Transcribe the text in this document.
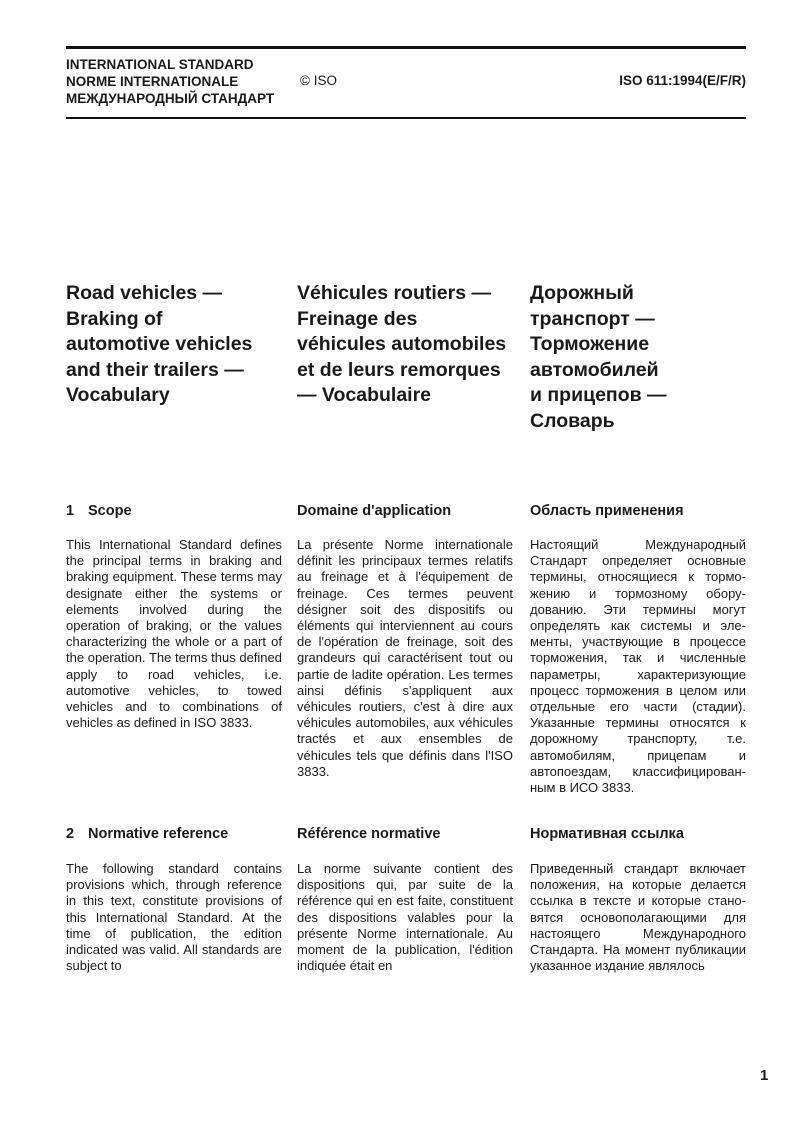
INTERNATIONAL STANDARD
NORME INTERNATIONALE
МЕЖДУНАРОДНЫЙ СТАНДАРТ
© ISO	ISO 611:1994(E/F/R)
Road vehicles —
Braking of
automotive vehicles
and their trailers —
Vocabulary
Véhicules routiers —
Freinage des
véhicules automobiles
et de leurs remorques
— Vocabulaire
Дорожный
транспорт —
Торможение
автомобилей
и прицепов —
Словарь
1 Scope	Domaine d'application	Область применения
This International Standard defines the principal terms in braking and braking equipment. These terms may designate either the systems or elements involved during the operation of braking, or the values characterizing the whole or a part of the operation. The terms thus defined apply to road vehicles, i.e. automotive vehicles, to towed vehicles and to combinations of vehicles as defined in ISO 3833.
La présente Norme internationale définit les principaux termes relatifs au freinage et à l'équipement de freinage. Ces termes peuvent désigner soit des dispositifs ou éléments qui interviennent au cours de l'opération de freinage, soit des grandeurs qui caractérisent tout ou partie de ladite opération. Les termes ainsi définis s'appliquent aux véhicules routiers, c'est à dire aux véhicules automobiles, aux véhicules tractés et aux ensembles de véhicules tels que définis dans l'ISO 3833.
Настоящий Международный Стандарт определяет основные термины, относящиеся к торможению и тормозному оборудованию. Эти термины могут определять как системы и элементы, участвующие в процессе торможения, так и численные параметры, характеризующие процесс торможения в целом или отдельные его части (стадии). Указанные термины относятся к дорожному транспорту, т.е. автомобилям, прицепам и автопоездам, классифицированным в ИСО 3833.
2 Normative reference	Référence normative	Нормативная ссылка
The following standard contains provisions which, through reference in this text, constitute provisions of this International Standard. At the time of publication, the edition indicated was valid. All standards are subject to
La norme suivante contient des dispositions qui, par suite de la référence qui en est faite, constituent des dispositions valables pour la présente Norme internationale. Au moment de la publication, l'édition indiquée était en
Приведенный стандарт включает положения, на которые делается ссылка в тексте и которые становятся основополагающими для настоящего Международного Стандарта. На момент публикации указанное издание являлось
1
